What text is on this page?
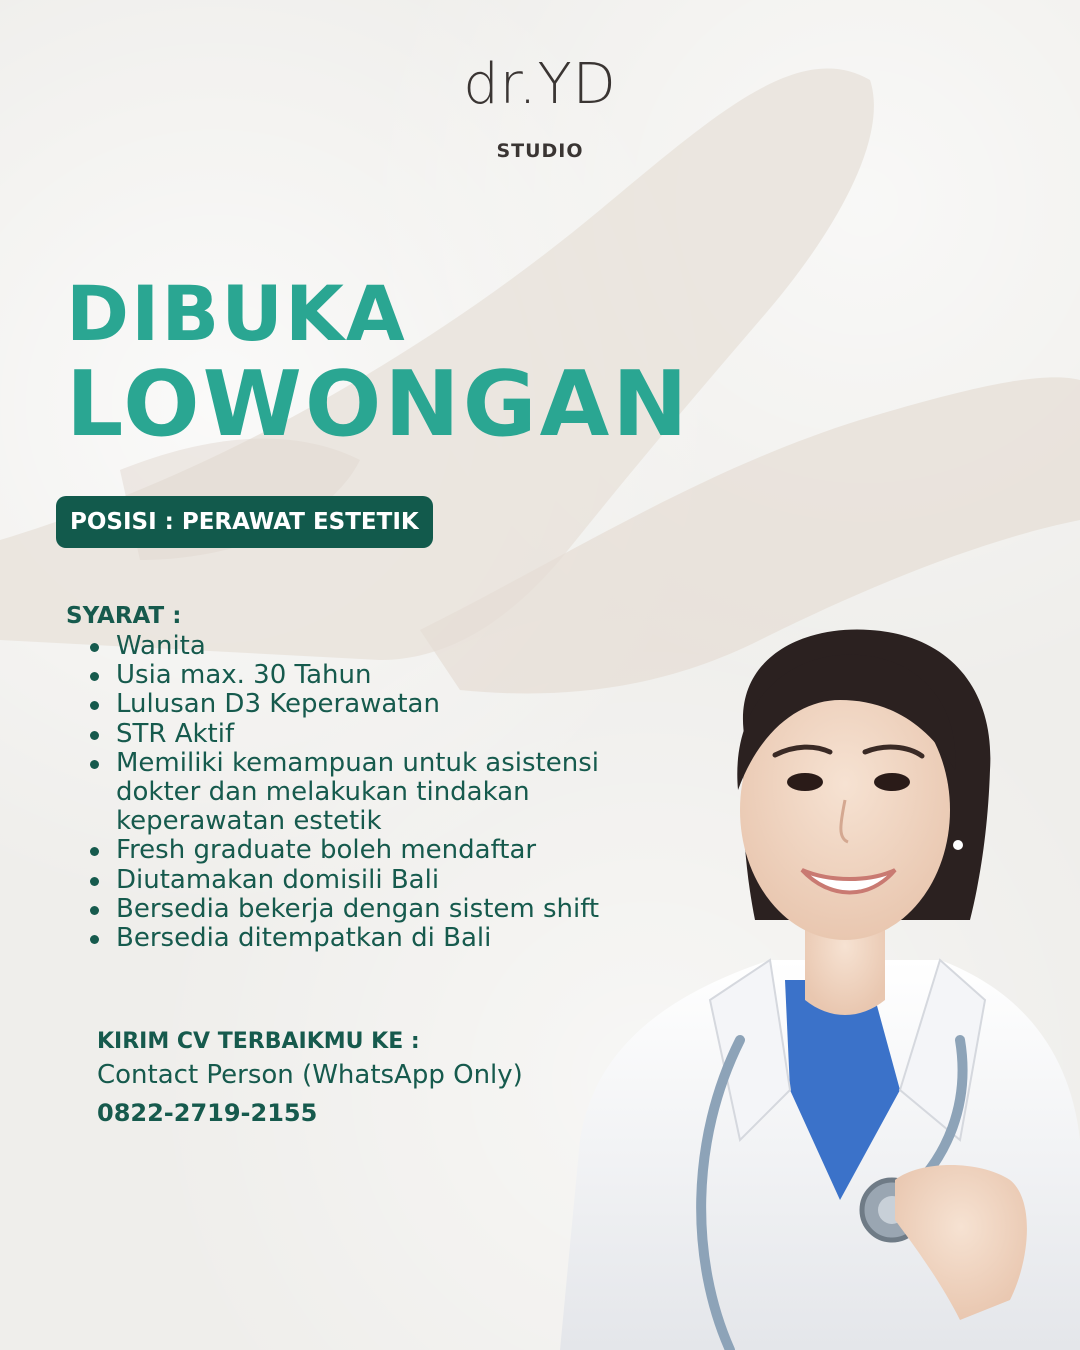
dr.YD
STUDIO
DIBUKA
LOWONGAN
POSISI : PERAWAT ESTETIK
SYARAT :
Wanita
Usia max. 30 Tahun
Lulusan D3 Keperawatan
STR Aktif
Memiliki kemampuan untuk asistensi dokter dan melakukan tindakan keperawatan estetik
Fresh graduate boleh mendaftar
Diutamakan domisili Bali
Bersedia bekerja dengan sistem shift
Bersedia ditempatkan di Bali
KIRIM CV TERBAIKMU KE :
Contact Person (WhatsApp Only)
0822-2719-2155
